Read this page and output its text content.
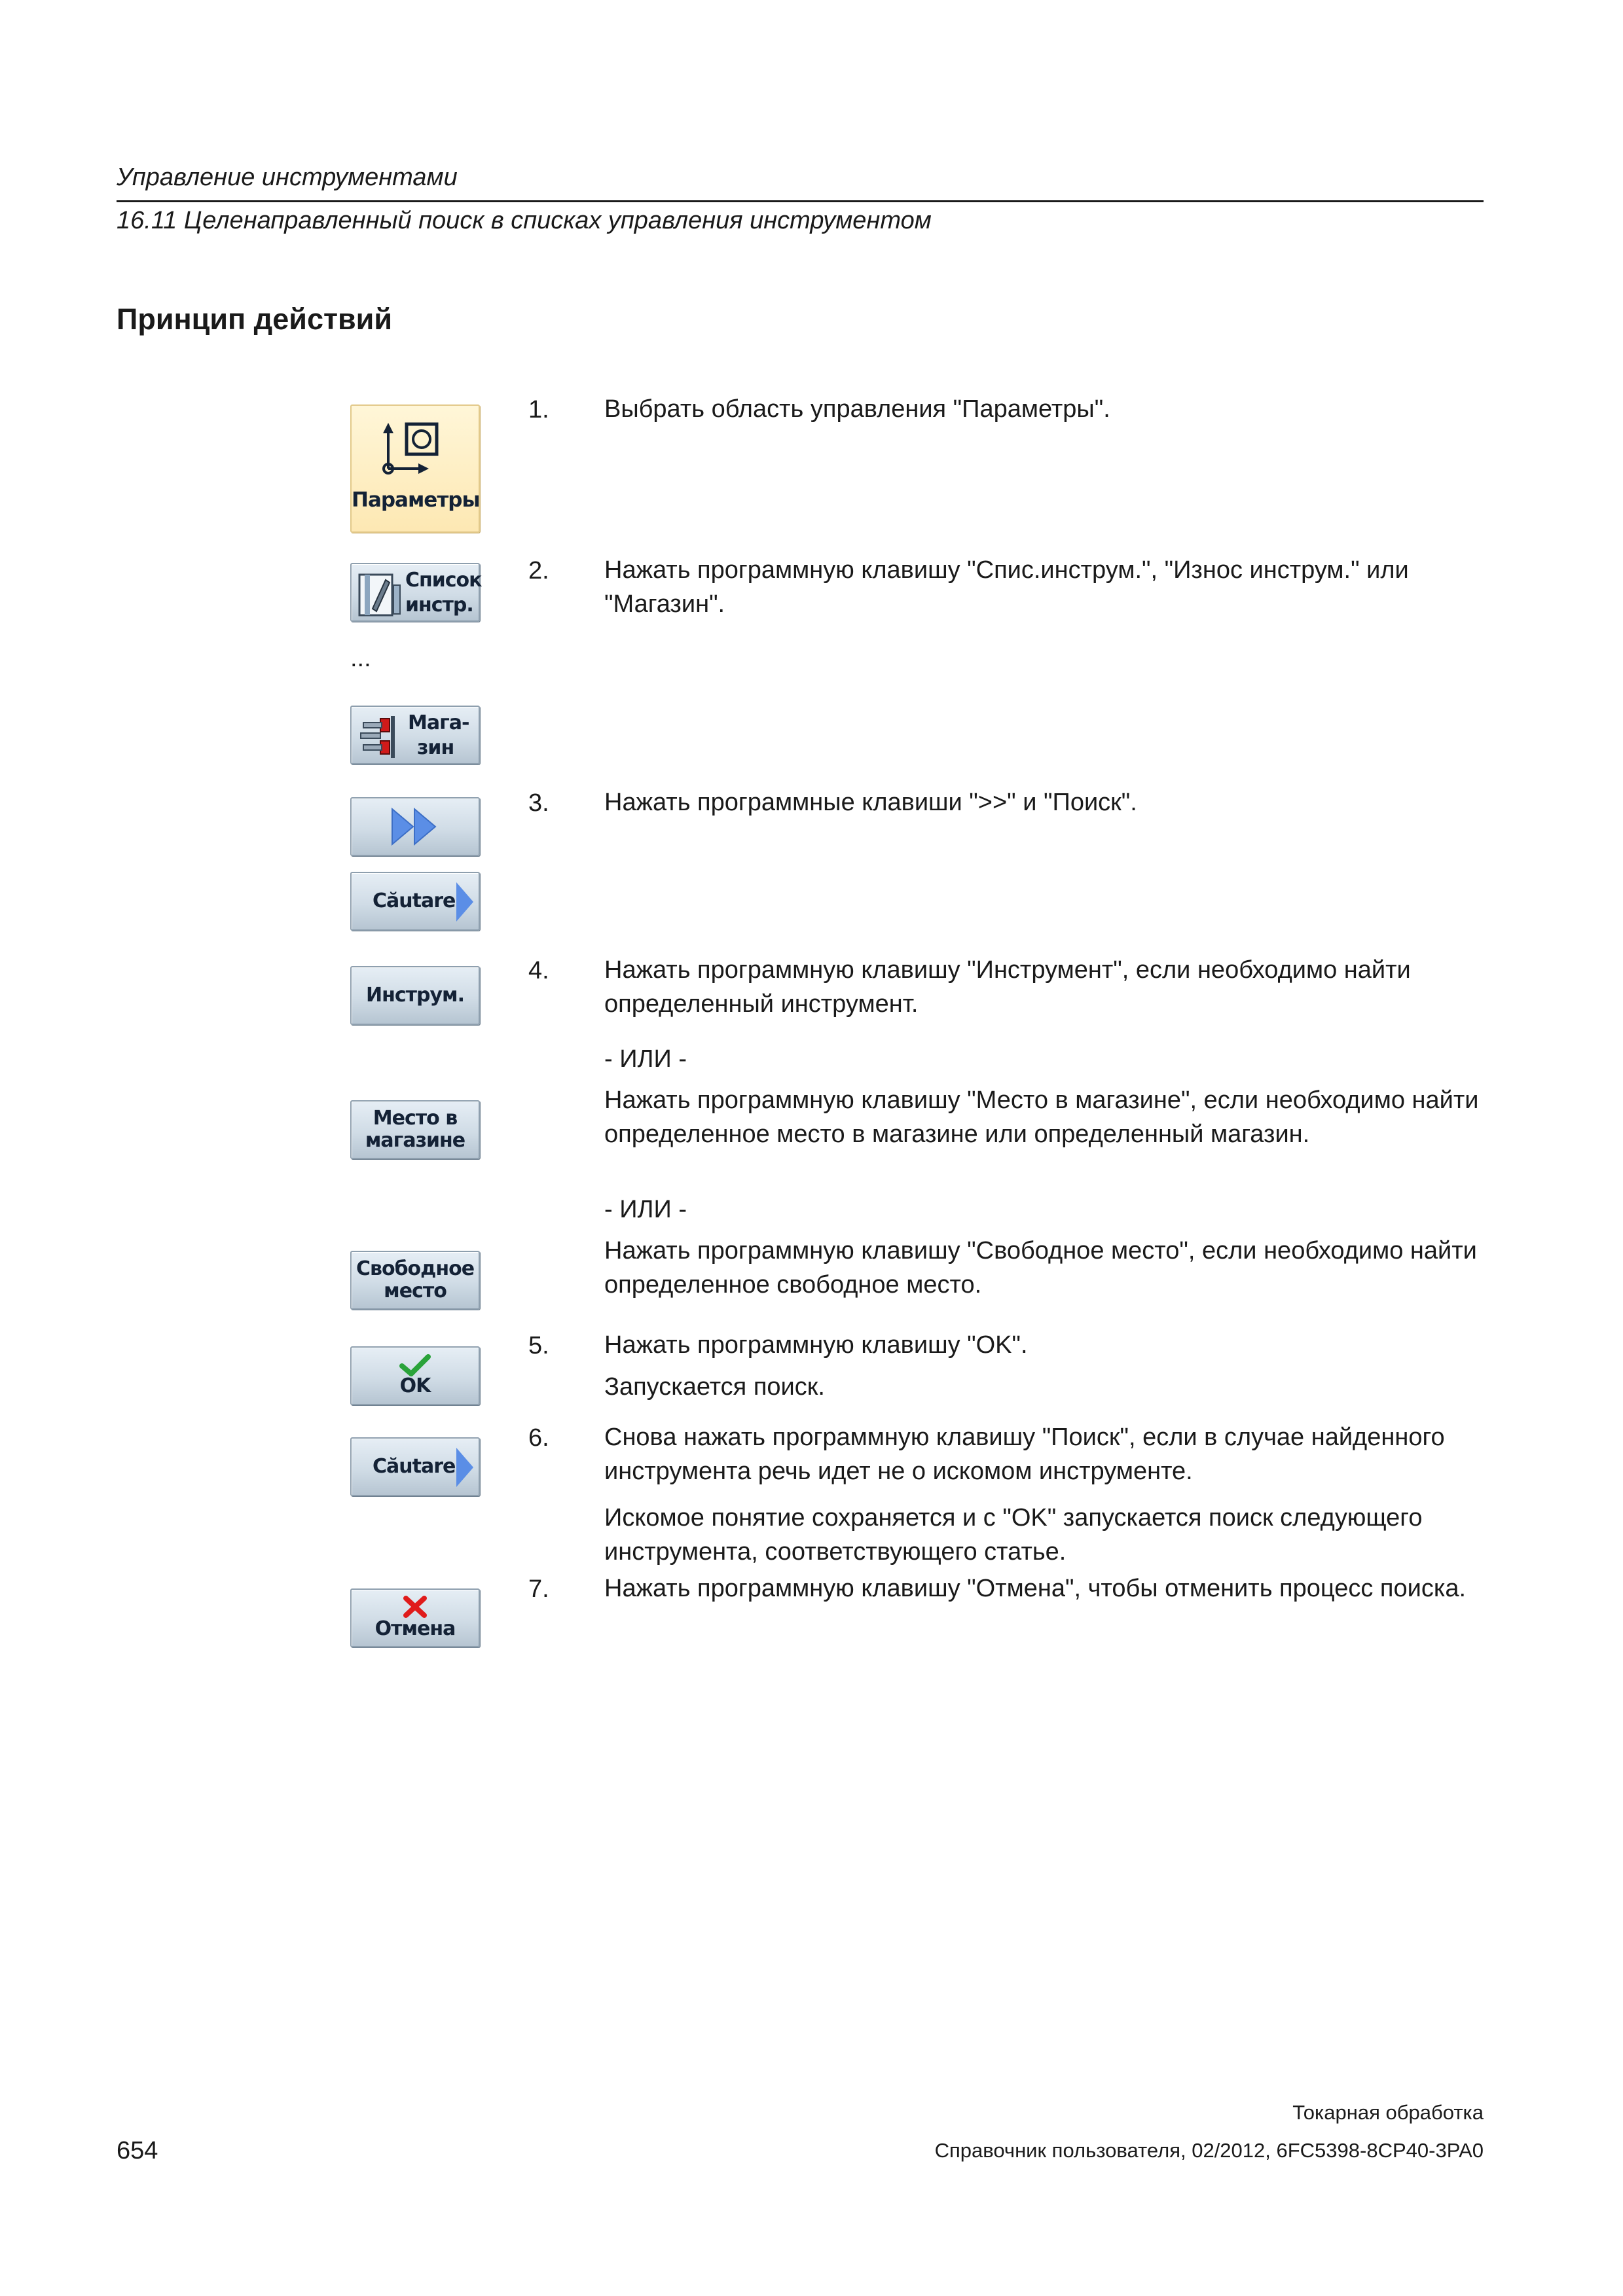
Управление инструментами
16.11 Целенаправленный поиск в списках управления инструментом
Принцип действий
Параметры
Список
инстр.
...
Мага-
зин
Căutare
Инструм.
Место в
магазине
Свободное
место
OK
Căutare
Отмена
1. Выбрать область управления "Параметры".
2. Нажать программную клавишу "Спис.инструм.", "Износ инструм." или "Магазин".
3. Нажать программные клавиши ">>" и "Поиск".
4. Нажать программную клавишу "Инструмент", если необходимо найти определенный инструмент.
- ИЛИ -
Нажать программную клавишу "Место в магазине", если необходимо найти определенное место в магазине или определенный магазин.
- ИЛИ -
Нажать программную клавишу "Свободное место", если необходимо найти определенное свободное место.
5. Нажать программную клавишу "OK".
Запускается поиск.
6. Снова нажать программную клавишу "Поиск", если в случае найденного инструмента речь идет не о искомом инструменте.
Искомое понятие сохраняется и с "OK" запускается поиск следующего инструмента, соответствующего статье.
7. Нажать программную клавишу "Отмена", чтобы отменить процесс поиска.
Токарная обработка
654	Справочник пользователя, 02/2012, 6FC5398-8CP40-3PA0
